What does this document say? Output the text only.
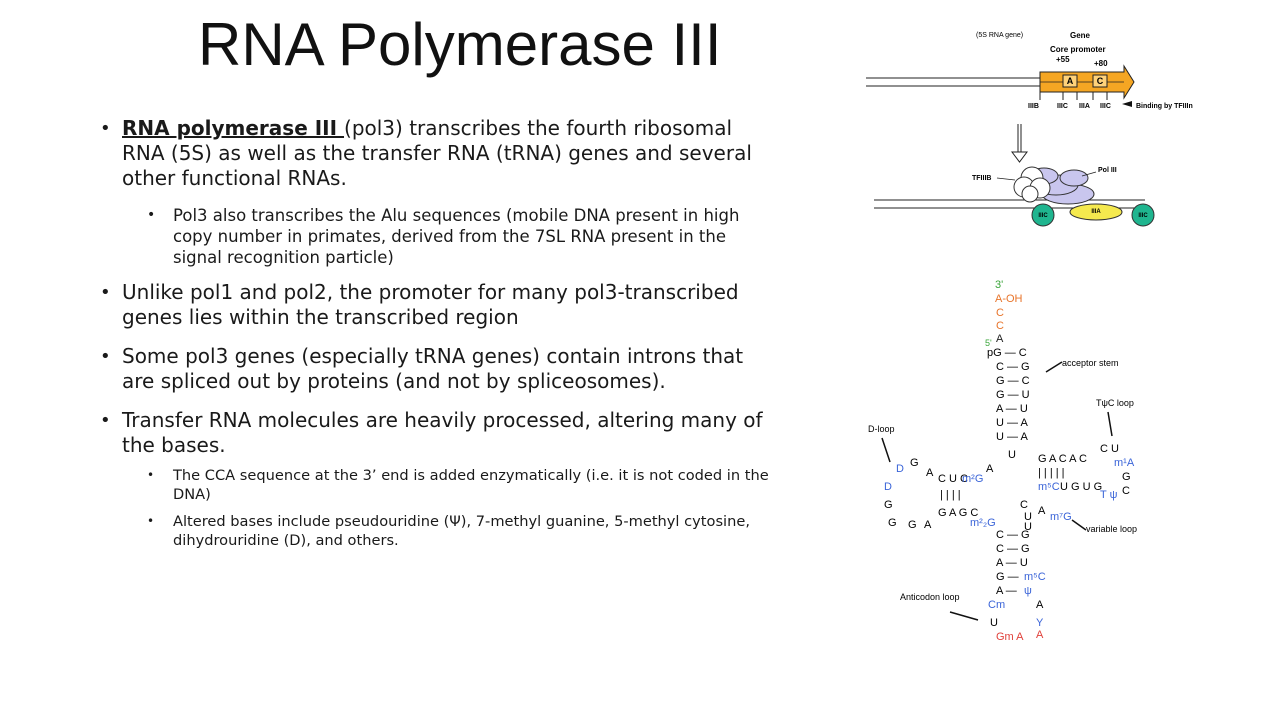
RNA Polymerase III
• RNA polymerase III (pol3) transcribes the fourth ribosomal RNA (5S) as well as the transfer RNA (tRNA) genes and several other functional RNAs.
• Pol3 also transcribes the Alu sequences (mobile DNA present in high copy number in primates, derived from the 7SL RNA present in the signal recognition particle)
• Unlike pol1 and pol2, the promoter for many pol3-transcribed genes lies within the transcribed region
• Some pol3 genes (especially tRNA genes) contain introns that are spliced out by proteins (and not by spliceosomes).
• Transfer RNA molecules are heavily processed, altering many of the bases.
• The CCA sequence at the 3’ end is added enzymatically (i.e. it is not coded in the DNA)
• Altered bases include pseudouridine (Ψ), 7-methyl guanine, 5-methyl cytosine, dihydrouridine (D), and others.
(5S RNA gene)	Gene
Core promoter
+55	+80
A	C
IIIB	IIIC IIIA IIIC	Binding by TFIIIn
TFIIIB
Pol III
IIIA
IIIC	IIIC
3'
A-OH
C
C
A
5'
pG — C
C — G
G — C
G — U
A — U
U — A
U — A
U
acceptor stem
TψC loop
G A C A C
| | | | |
m⁵C U G U G
C U
m¹A
G
C
T ψ
D-loop
D G
A
D
G
G G A
C U C
m²G
| | | |
G A G C
A
m²₂G
C — G
C — G
A — U
G — m⁵C
A — ψ
C
U A m⁷G
U	variable loop
Cm	A
U	Y
Gm A A
Anticodon loop
